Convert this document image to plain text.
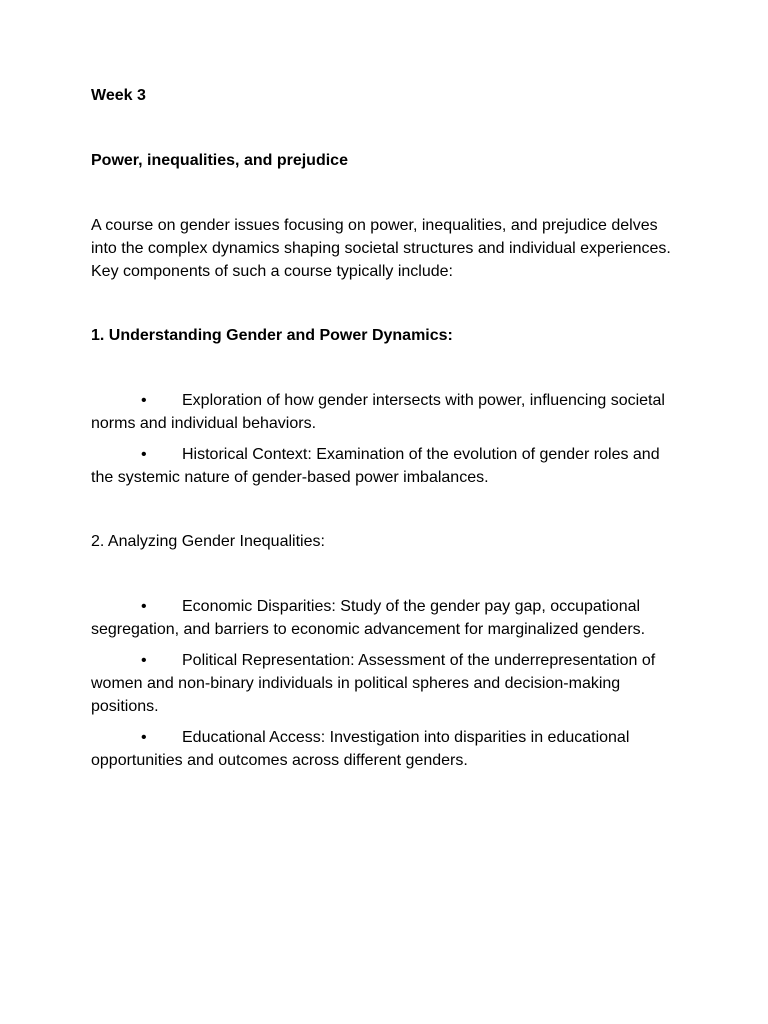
Week 3

Power, inequalities, and prejudice

A course on gender issues focusing on power, inequalities, and prejudice delves into the complex dynamics shaping societal structures and individual experiences. Key components of such a course typically include:

1. Understanding Gender and Power Dynamics:

• Exploration of how gender intersects with power, influencing societal norms and individual behaviors.
• Historical Context: Examination of the evolution of gender roles and the systemic nature of gender-based power imbalances.

2. Analyzing Gender Inequalities:

• Economic Disparities: Study of the gender pay gap, occupational segregation, and barriers to economic advancement for marginalized genders.
• Political Representation: Assessment of the underrepresentation of women and non-binary individuals in political spheres and decision-making positions.
• Educational Access: Investigation into disparities in educational opportunities and outcomes across different genders.
